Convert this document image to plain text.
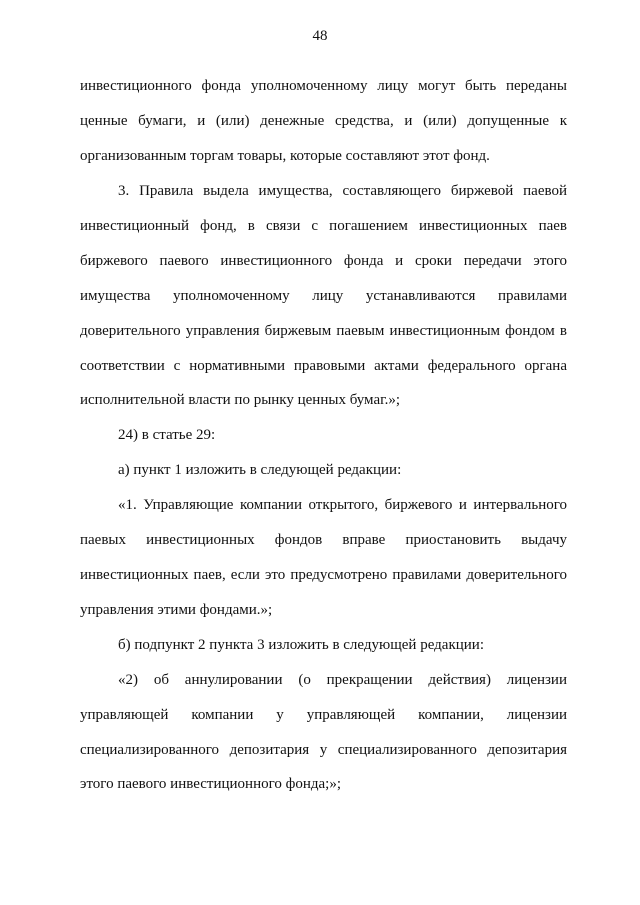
48
инвестиционного фонда уполномоченному лицу могут быть переданы
ценные бумаги, и (или) денежные средства, и (или) допущенные к
организованным торгам товары, которые составляют этот фонд.
3. Правила выдела имущества, составляющего биржевой паевой
инвестиционный фонд, в связи с погашением инвестиционных паев
биржевого паевого инвестиционного фонда и сроки передачи этого
имущества уполномоченному лицу устанавливаются правилами
доверительного управления биржевым паевым инвестиционным фондом в
соответствии с нормативными правовыми актами федерального органа
исполнительной власти по рынку ценных бумаг.»;
24) в статье 29:
а) пункт 1 изложить в следующей редакции:
«1. Управляющие компании открытого, биржевого и интервального
паевых инвестиционных фондов вправе приостановить выдачу
инвестиционных паев, если это предусмотрено правилами доверительного
управления этими фондами.»;
б) подпункт 2 пункта 3 изложить в следующей редакции:
«2) об аннулировании (о прекращении действия) лицензии
управляющей компании у управляющей компании, лицензии
специализированного депозитария у специализированного депозитария
этого паевого инвестиционного фонда;»;
